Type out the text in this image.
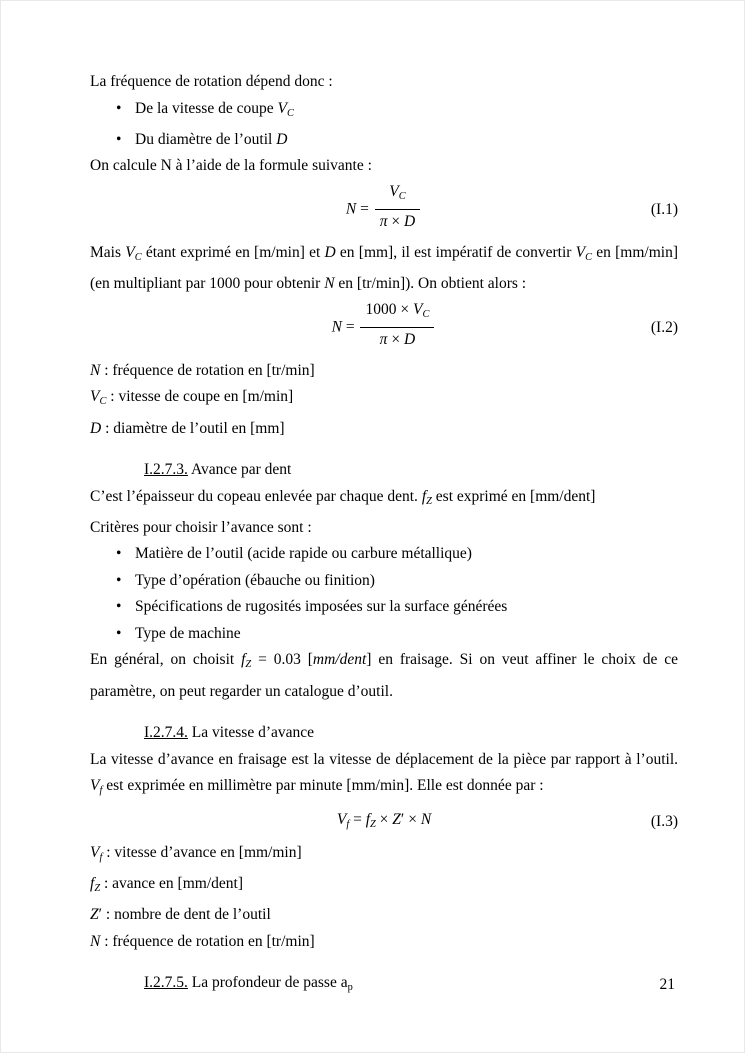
La fréquence de rotation dépend donc :
• De la vitesse de coupe VC
• Du diamètre de l’outil D
On calcule N à l’aide de la formule suivante :
$N = \frac{VC}{\pi \times D}$	(I.1)
Mais VC étant exprimé en [m/min] et D en [mm], il est impératif de convertir VC en [mm/min] (en multipliant par 1000 pour obtenir N en [tr/min]). On obtient alors :
$N = \frac{1000 \times VC}{\pi \times D}$	(I.2)
N : fréquence de rotation en [tr/min]
VC : vitesse de coupe en [m/min]
D : diamètre de l’outil en [mm]
I.2.7.3. Avance par dent
C’est l’épaisseur du copeau enlevée par chaque dent. fZ est exprimé en [mm/dent]
Critères pour choisir l’avance sont :
• Matière de l’outil (acide rapide ou carbure métallique)
• Type d’opération (ébauche ou finition)
• Spécifications de rugosités imposées sur la surface générées
• Type de machine
En général, on choisit fZ = 0.03 [mm/dent] en fraisage. Si on veut affiner le choix de ce paramètre, on peut regarder un catalogue d’outil.
I.2.7.4. La vitesse d’avance
La vitesse d’avance en fraisage est la vitesse de déplacement de la pièce par rapport à l’outil. Vf est exprimée en millimètre par minute [mm/min]. Elle est donnée par :
Vf = fZ × Z′ × N	(I.3)
Vf : vitesse d’avance en [mm/min]
fZ : avance en [mm/dent]
Z′ : nombre de dent de l’outil
N : fréquence de rotation en [tr/min]
I.2.7.5. La profondeur de passe ap	21
